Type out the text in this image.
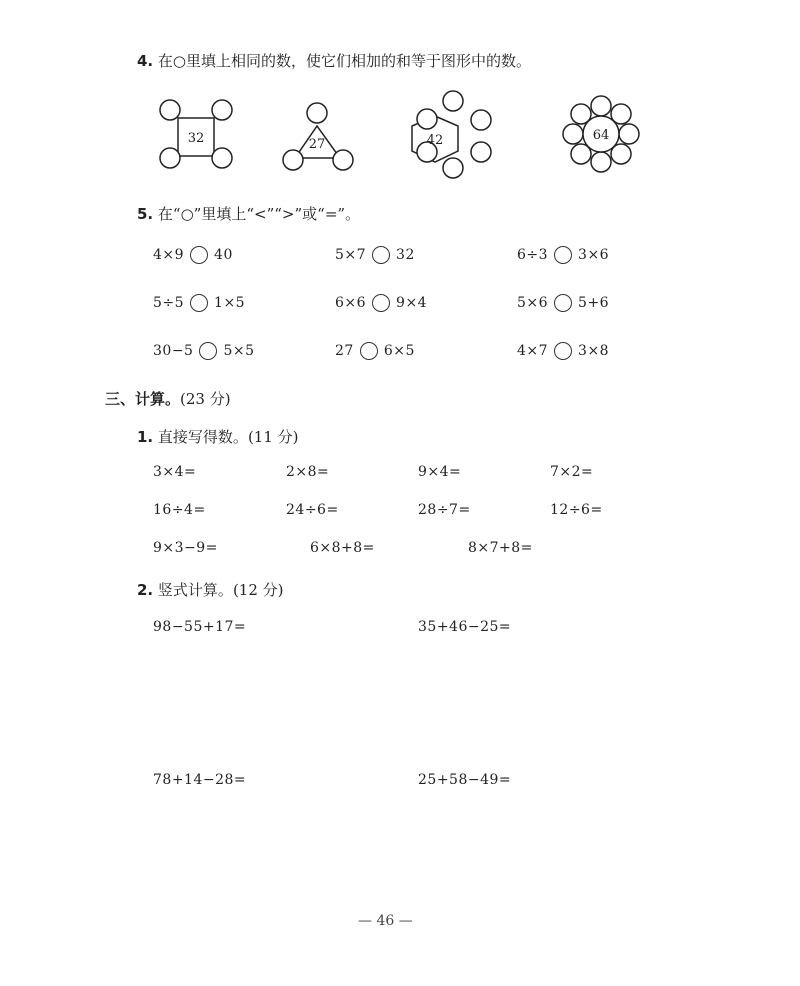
4. 在○里填上相同的数，使它们相加的和等于图形中的数。
32	27	42	64
5. 在“○”里填上“<”“>”或“=”。
4×9 40	5×7 32	6÷3 3×6
5÷5 1×5	6×6 9×4	5×6 5+6
30−5 5×5	27 6×5	4×7 3×8
三、计算。(23 分)
1. 直接写得数。(11 分)
3×4=	2×8=	9×4=	7×2=
16÷4=	24÷6=	28÷7=	12÷6=
9×3−9=	6×8+8=	8×7+8=
2. 竖式计算。(12 分)
98−55+17=	35+46−25=
78+14−28=	25+58−49=
— 46 —
